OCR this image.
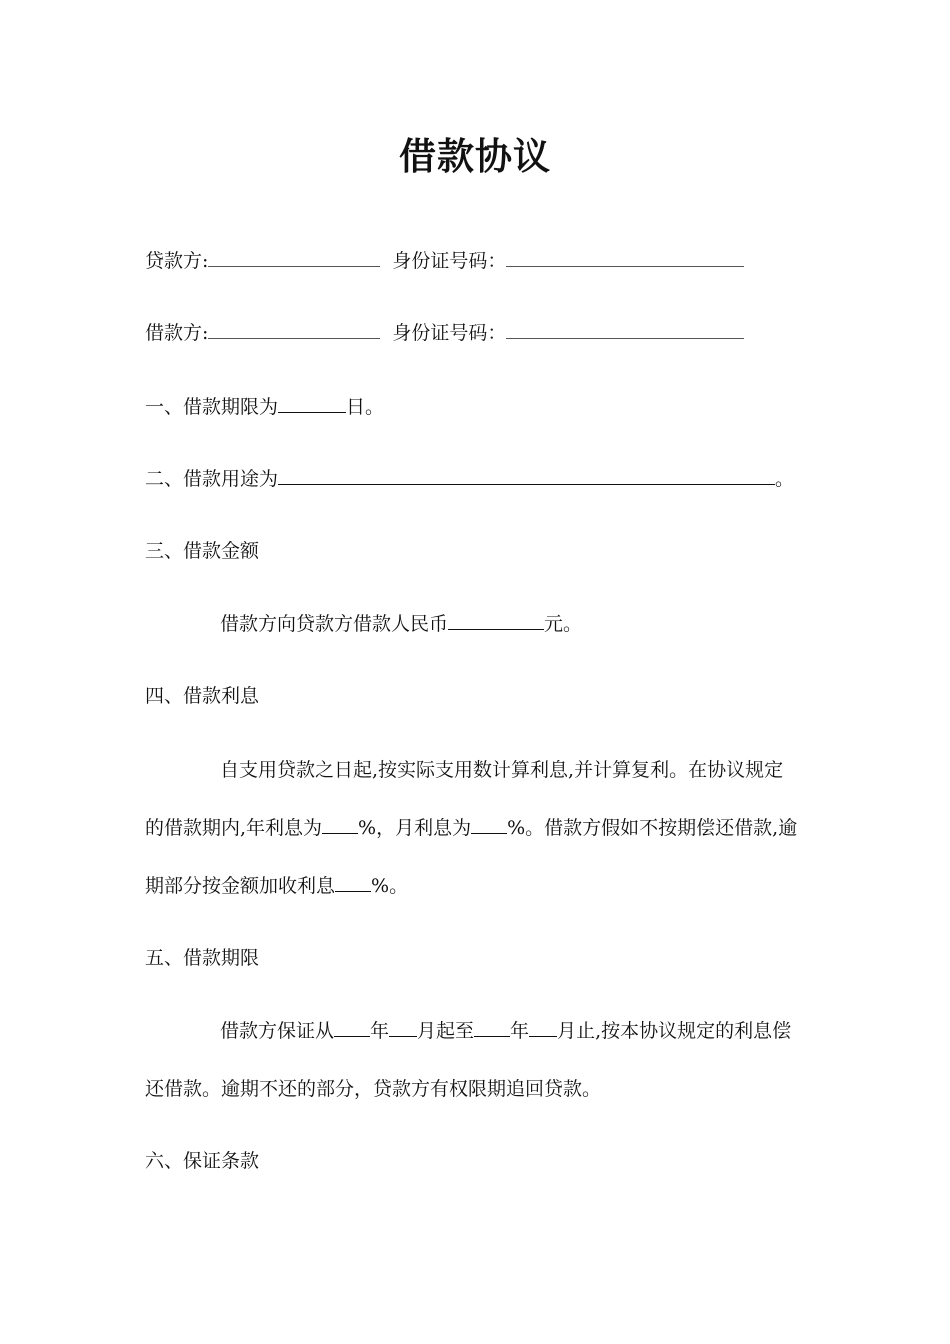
借款协议
贷款方:	身份证号码：
借款方:	身份证号码：
一、借款期限为	日。
二、借款用途为	。
三、借款金额
借款方向贷款方借款人民币	元。
四、借款利息
自支用贷款之日起,按实际支用数计算利息,并计算复利。在协议规定
的借款期内,年利息为 %，月利息为 %。借款方假如不按期偿还借款,逾
期部分按金额加收利息 %。
五、借款期限
借款方保证从 年 月起至 年 月止,按本协议规定的利息偿
还借款。逾期不还的部分，贷款方有权限期追回贷款。
六、保证条款
